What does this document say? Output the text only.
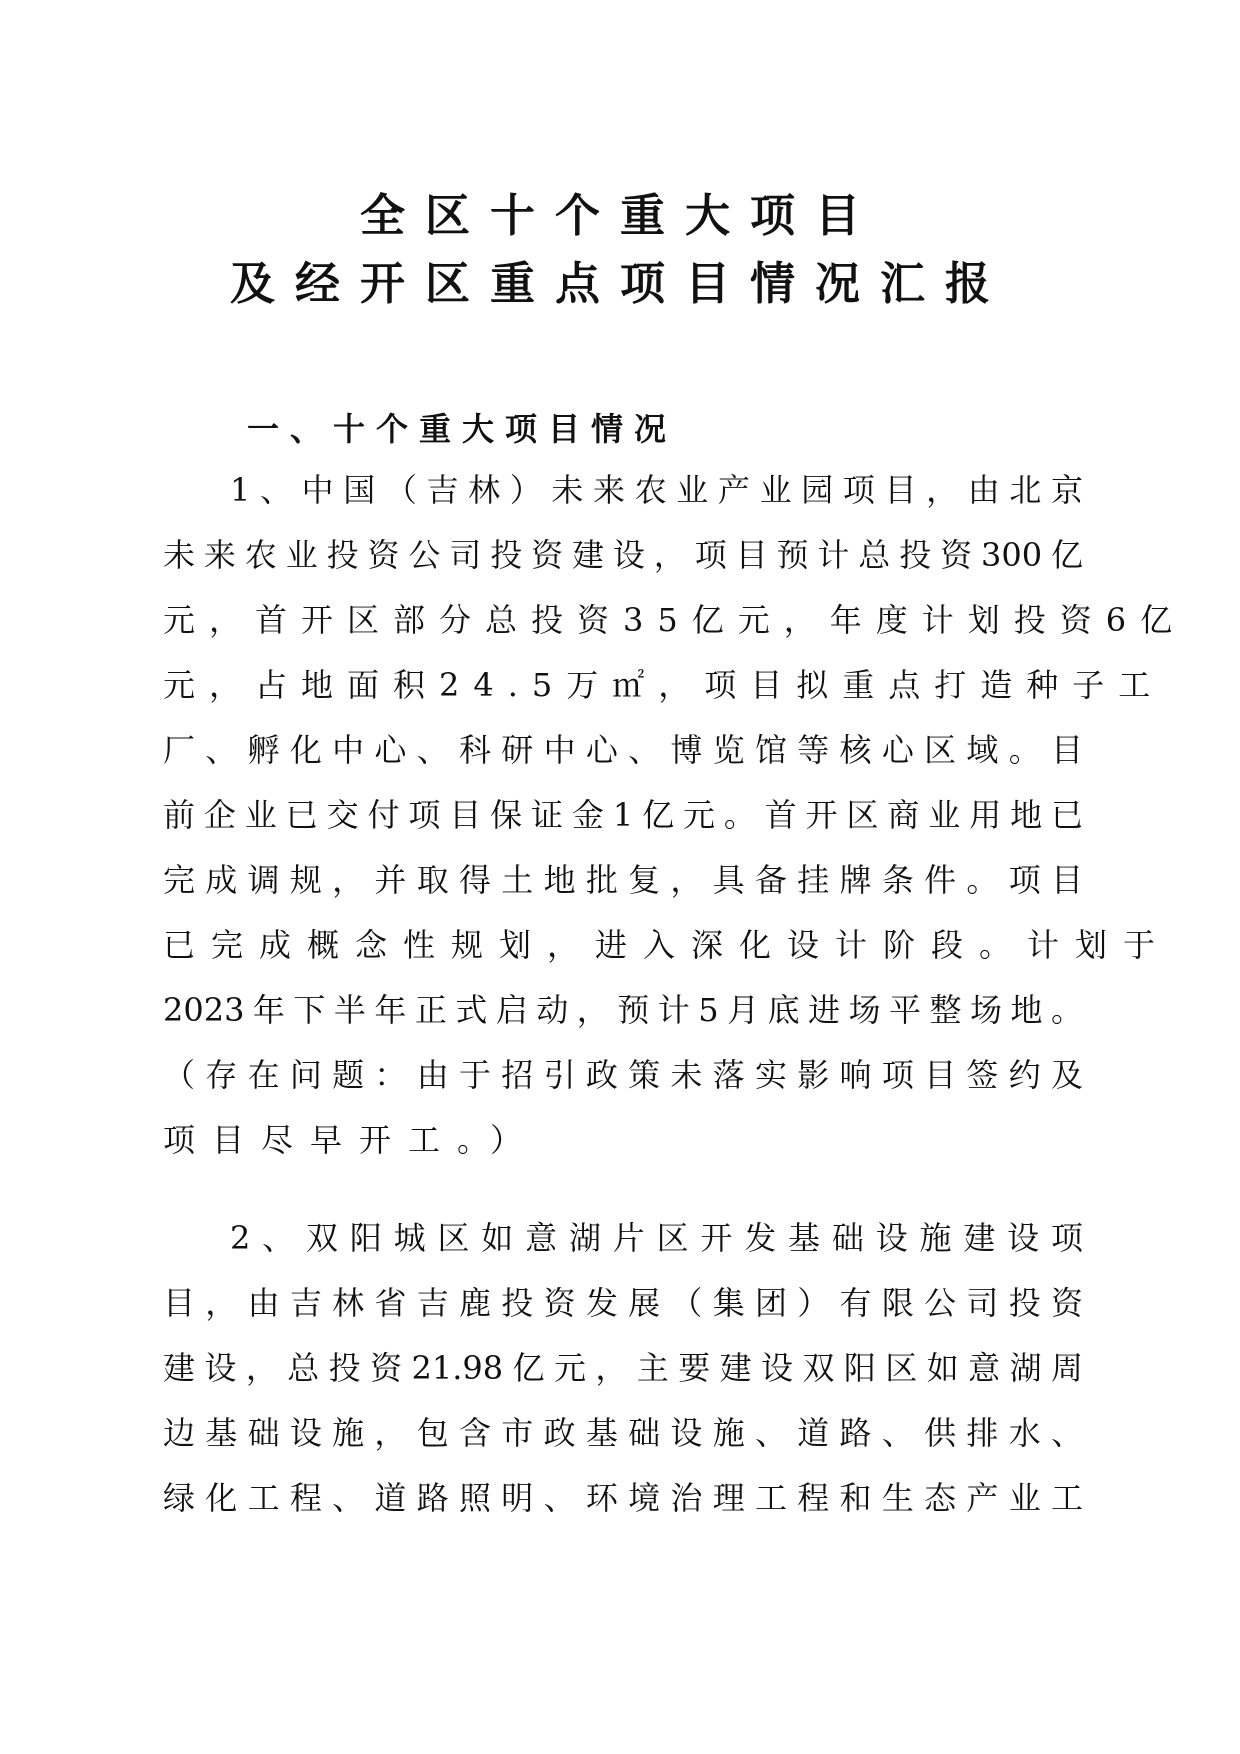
全区十个重大项目
及经开区重点项目情况汇报
一、十个重大项目情况

1、中国（吉林）未来农业产业园项目，由北京

未来农业投资公司投资建设，项目预计总投资300亿

元，首开区部分总投资35亿元，年度计划投资6亿

元，占地面积24.5万㎡，项目拟重点打造种子工

厂、孵化中心、科研中心、博览馆等核心区域。目

前企业已交付项目保证金1亿元。首开区商业用地已

完成调规，并取得土地批复，具备挂牌条件。项目

已完成概念性规划，进入深化设计阶段。计划于

2023年下半年正式启动，预计5月底进场平整场地。

（存在问题：由于招引政策未落实影响项目签约及

项目尽早开工。）

2、双阳城区如意湖片区开发基础设施建设项

目，由吉林省吉鹿投资发展（集团）有限公司投资

建设，总投资21.98亿元，主要建设双阳区如意湖周

边基础设施，包含市政基础设施、道路、供排水、

绿化工程、道路照明、环境治理工程和生态产业工
